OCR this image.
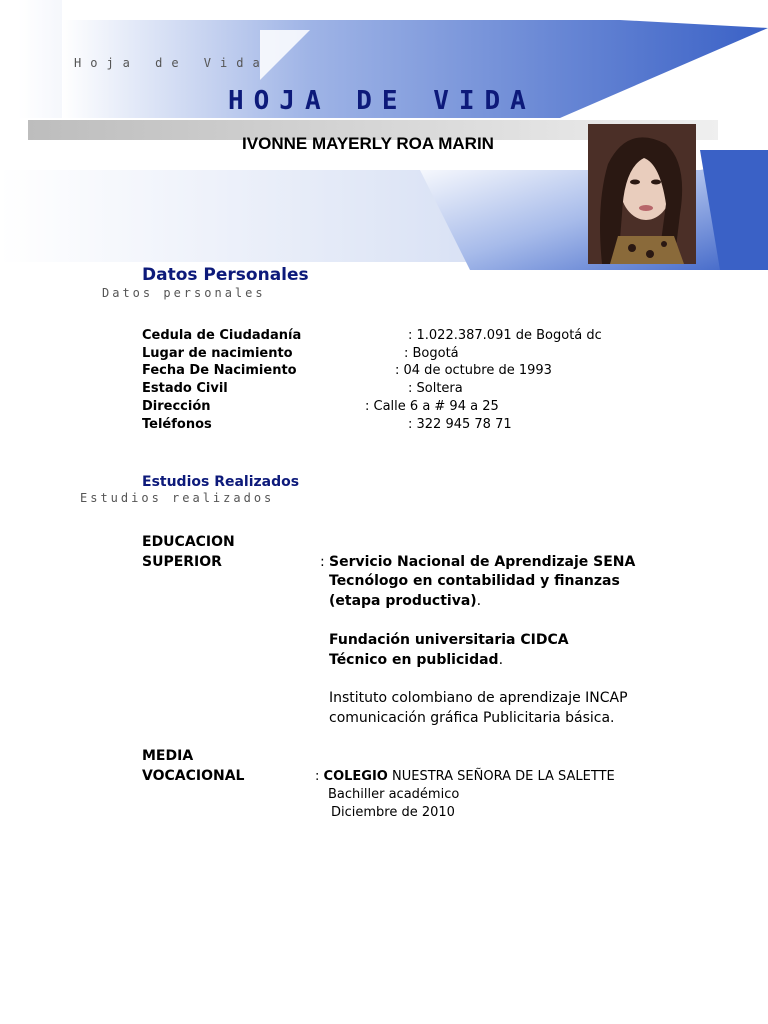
Hoja de Vida
HOJA DE VIDA
IVONNE MAYERLY ROA MARIN
Datos Personales
Datos personales
Cedula de Ciudadanía	: 1.022.387.091 de Bogotá dc
Lugar de nacimiento	: Bogotá
Fecha De Nacimiento	: 04 de octubre de 1993
Estado Civil	: Soltera
Dirección	: Calle 6 a # 94 a 25
Teléfonos	: 322 945 78 71
Estudios Realizados
Estudios realizados
EDUCACION
SUPERIOR	: Servicio Nacional de Aprendizaje SENA
Tecnólogo en contabilidad y finanzas
(etapa productiva).
Fundación universitaria CIDCA
Técnico en publicidad.
Instituto colombiano de aprendizaje INCAP
comunicación gráfica Publicitaria básica.
MEDIA
VOCACIONAL	: COLEGIO NUESTRA SEÑORA DE LA SALETTE
Bachiller académico
Diciembre de 2010
